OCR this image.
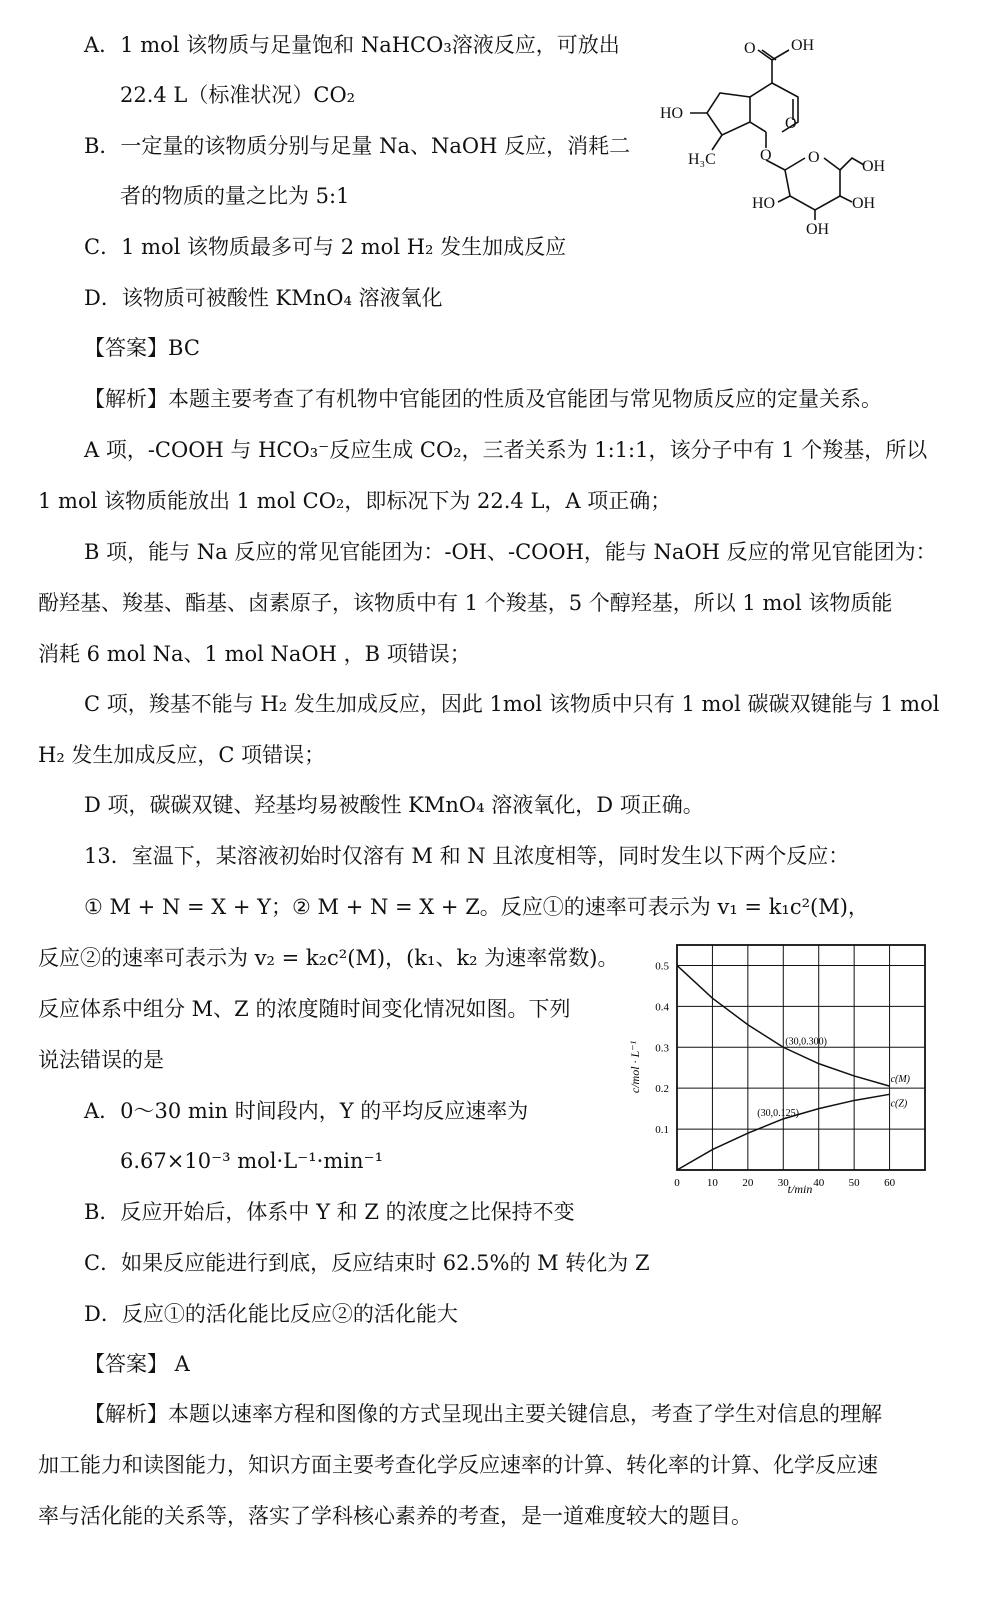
A．1 mol 该物质与足量饱和 NaHCO₃溶液反应，可放出
22.4 L（标准状况）CO₂
B．一定量的该物质分别与足量 Na、NaOH 反应，消耗二
者的物质的量之比为 5:1
C．1 mol 该物质最多可与 2 mol H₂ 发生加成反应
D．该物质可被酸性 KMnO₄ 溶液氧化
OH
O
HO
O
H₃C	O O
OH
HO	OH
OH
【答案】BC
【解析】本题主要考查了有机物中官能团的性质及官能团与常见物质反应的定量关系。
A 项，-COOH 与 HCO₃⁻反应生成 CO₂，三者关系为 1:1:1，该分子中有 1 个羧基，所以
1 mol 该物质能放出 1 mol CO₂，即标况下为 22.4 L，A 项正确；
B 项，能与 Na 反应的常见官能团为：-OH、-COOH，能与 NaOH 反应的常见官能团为：
酚羟基、羧基、酯基、卤素原子，该物质中有 1 个羧基，5 个醇羟基，所以 1 mol 该物质能
消耗 6 mol Na、1 mol NaOH ，B 项错误；
C 项，羧基不能与 H₂ 发生加成反应，因此 1mol 该物质中只有 1 mol 碳碳双键能与 1 mol
H₂ 发生加成反应，C 项错误；
D 项，碳碳双键、羟基均易被酸性 KMnO₄ 溶液氧化，D 项正确。
13．室温下，某溶液初始时仅溶有 M 和 N 且浓度相等，同时发生以下两个反应：
① M + N = X + Y；② M + N = X + Z。反应①的速率可表示为 v₁ = k₁c²(M)，
反应②的速率可表示为 v₂ = k₂c²(M)，(k₁、k₂ 为速率常数)。
反应体系中组分 M、Z 的浓度随时间变化情况如图。下列
说法错误的是
A．0～30 min 时间段内，Y 的平均反应速率为
6.67×10⁻³ mol·L⁻¹·min⁻¹
B．反应开始后，体系中 Y 和 Z 的浓度之比保持不变
C．如果反应能进行到底，反应结束时 62.5%的 M 转化为 Z
D．反应①的活化能比反应②的活化能大
【答案】 A
【解析】本题以速率方程和图像的方式呈现出主要关键信息，考查了学生对信息的理解
加工能力和读图能力，知识方面主要考查化学反应速率的计算、转化率的计算、化学反应速
率与活化能的关系等，落实了学科核心素养的考查，是一道难度较大的题目。
0 10 20 30 40 50 60
0.1
0.2
0.3
0.4
0.5
c(M)
c(Z)
(30,0.300)
(30,0.125)
t/min
c/mol · L⁻¹
